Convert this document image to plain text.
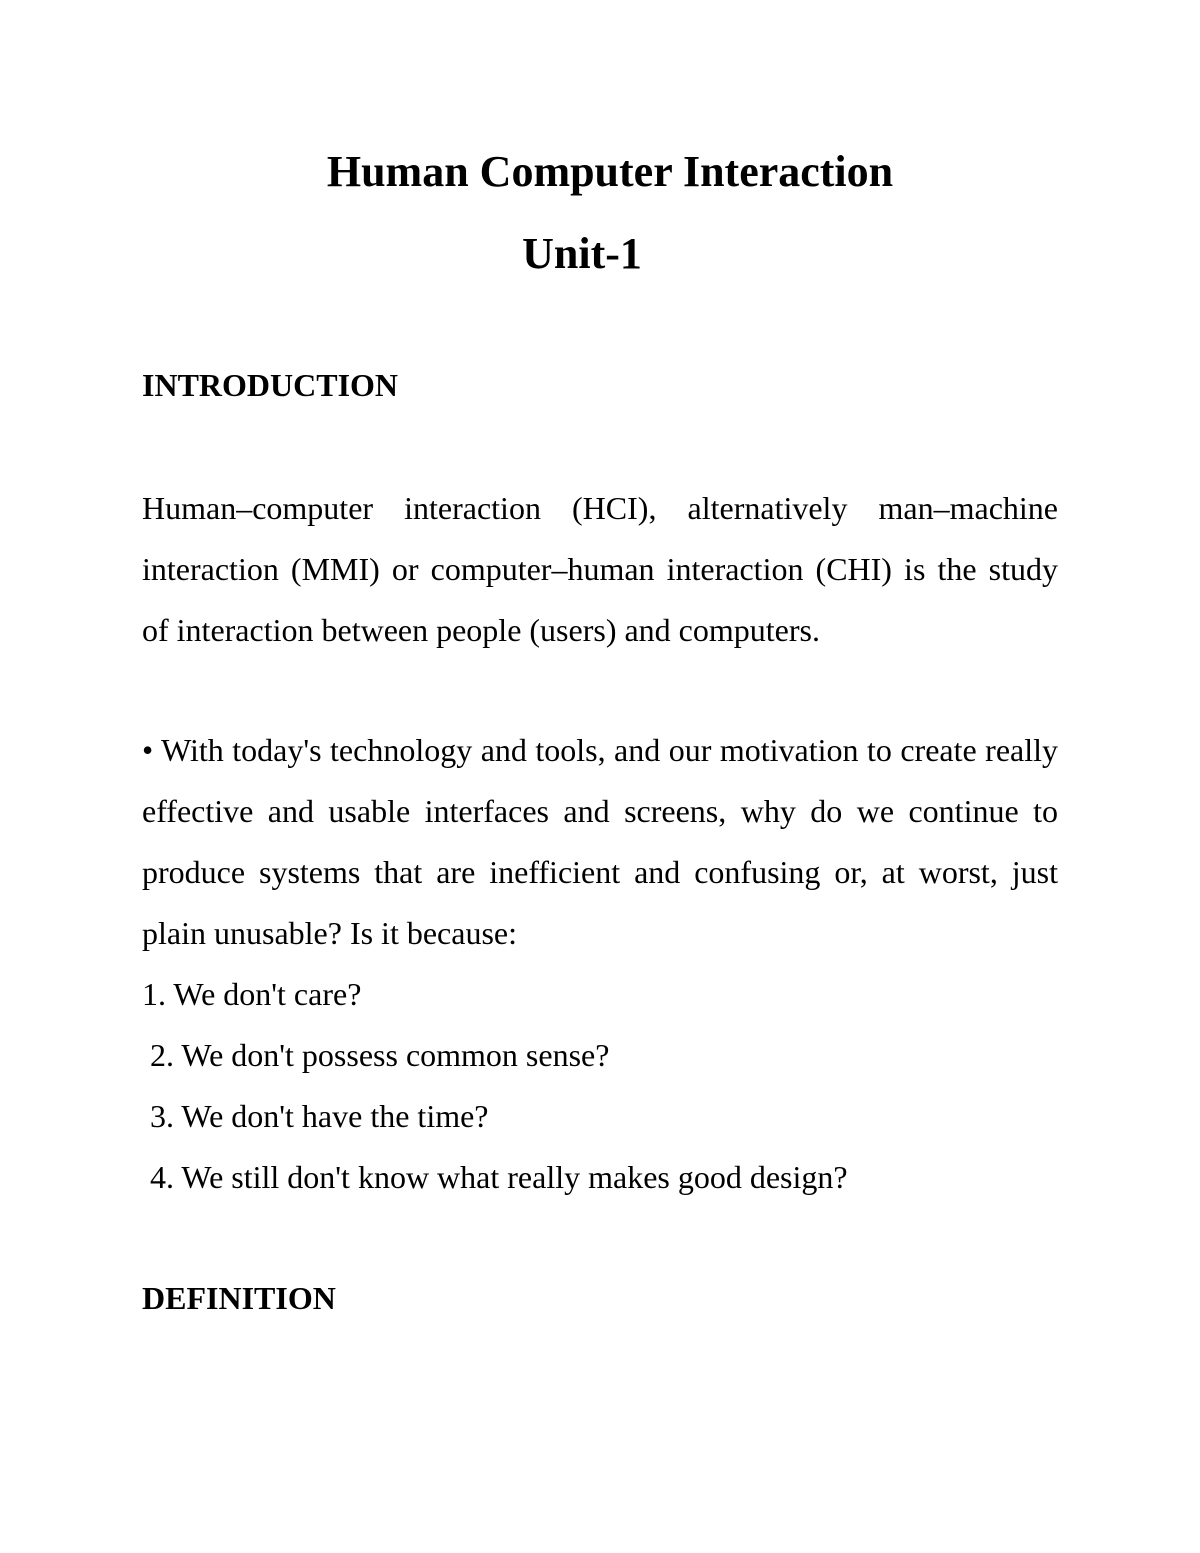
Human Computer Interaction
Unit-1
INTRODUCTION

Human–computer interaction (HCI), alternatively man–machine interaction (MMI) or computer–human interaction (CHI) is the study of interaction between people (users) and computers.

• With today's technology and tools, and our motivation to create really effective and usable interfaces and screens, why do we continue to produce systems that are inefficient and confusing or, at worst, just plain unusable? Is it because:

1. We don't care?
2. We don't possess common sense?
3. We don't have the time?
4. We still don't know what really makes good design?
DEFINITION
